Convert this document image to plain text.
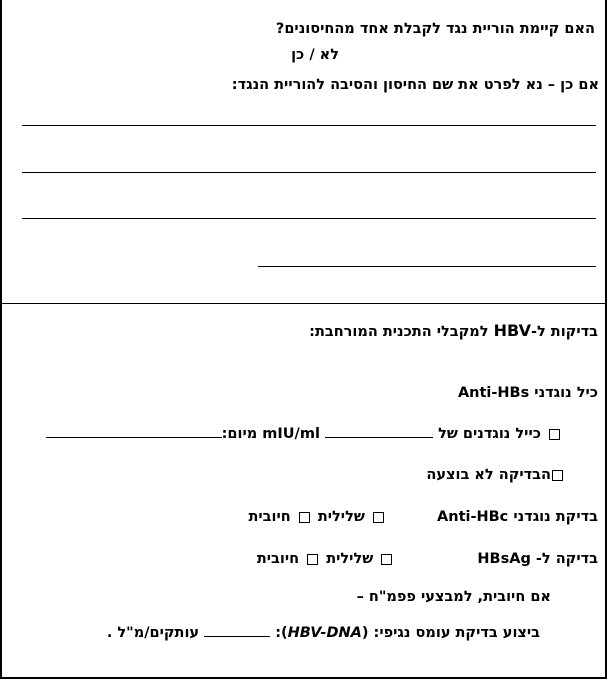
האם קיימת הוריית נגד לקבלת אחד מהחיסונים?
לא / כן
אם כן – נא לפרט את שם החיסון והסיבה להוריית הנגד:
בדיקות ל-HBV למקבלי התכנית המורחבת:
כיל נוגדני Anti-HBs
כייל נוגדנים של  mIU/ml מיום:
הבדיקה לא בוצעה
בדיקת נוגדני Anti-HBc   שלילית  חיובית
בדיקה ל- HBsAg   שלילית  חיובית
אם חיובית, למבצעי פפמ"ח –
ביצוע בדיקת עומס נגיפי: (HBV-DNA):  עותקים/מ"ל .
